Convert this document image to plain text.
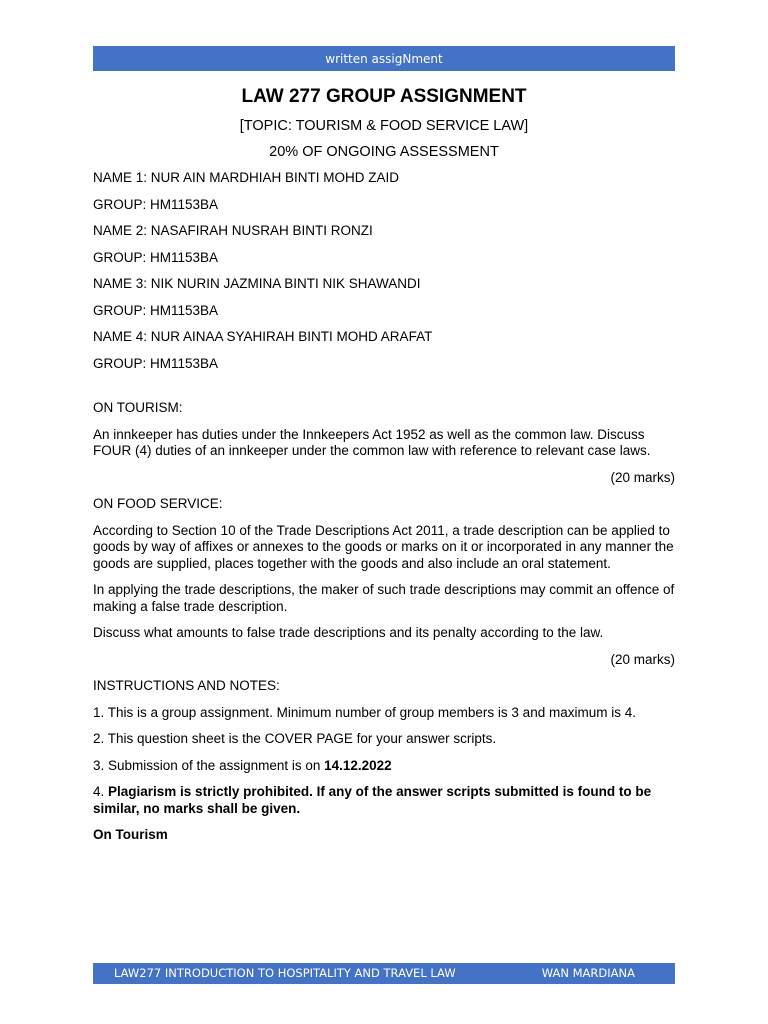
written assigNment
LAW 277 GROUP ASSIGNMENT
[TOPIC: TOURISM & FOOD SERVICE LAW]
20% OF ONGOING ASSESSMENT

NAME 1: NUR AIN MARDHIAH BINTI MOHD ZAID

GROUP: HM1153BA

NAME 2: NASAFIRAH NUSRAH BINTI RONZI

GROUP: HM1153BA

NAME 3: NIK NURIN JAZMINA BINTI NIK SHAWANDI

GROUP: HM1153BA

NAME 4: NUR AINAA SYAHIRAH BINTI MOHD ARAFAT

GROUP: HM1153BA

ON TOURISM:

An innkeeper has duties under the Innkeepers Act 1952 as well as the common law. Discuss FOUR (4) duties of an innkeeper under the common law with reference to relevant case laws.

(20 marks)

ON FOOD SERVICE:

According to Section 10 of the Trade Descriptions Act 2011, a trade description can be applied to goods by way of affixes or annexes to the goods or marks on it or incorporated in any manner the goods are supplied, places together with the goods and also include an oral statement.

In applying the trade descriptions, the maker of such trade descriptions may commit an offence of making a false trade description.

Discuss what amounts to false trade descriptions and its penalty according to the law.

(20 marks)

INSTRUCTIONS AND NOTES:

1. This is a group assignment. Minimum number of group members is 3 and maximum is 4.

2. This question sheet is the COVER PAGE for your answer scripts.

3. Submission of the assignment is on 14.12.2022

4. Plagiarism is strictly prohibited. If any of the answer scripts submitted is found to be similar, no marks shall be given.

On Tourism

LAW277 INTRODUCTION TO HOSPITALITY AND TRAVEL LAW	WAN MARDIANA
